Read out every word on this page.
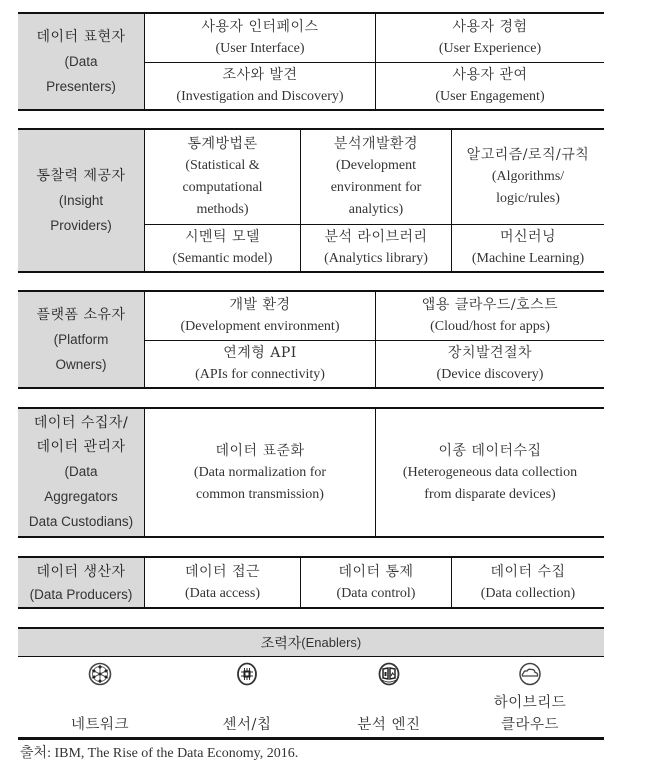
데이터 표현자
(Data
Presenters)
사용자 인터페이스
(User Interface)
사용자 경험
(User Experience)
조사와 발견
(Investigation and Discovery)
사용자 관여
(User Engagement)
통찰력 제공자
(Insight
Providers)
통계방법론
(Statistical &
computational
methods)
분석개발환경
(Development
environment for
analytics)
알고리즘/로직/규칙
(Algorithms/
logic/rules)
시멘틱 모델
(Semantic model)
분석 라이브러리
(Analytics library)
머신러닝
(Machine Learning)
플랫폼 소유자
(Platform
Owners)
개발 환경
(Development environment)
앱용 클라우드/호스트
(Cloud/host for apps)
연계형 API
(APIs for connectivity)
장치발견절차
(Device discovery)
데이터 수집자/
데이터 관리자
(Data
Aggregators
Data Custodians)
데이터 표준화
(Data normalization for
common transmission)
이종 데이터수집
(Heterogeneous data collection
from disparate devices)
데이터 생산자
(Data Producers)
데이터 접근
(Data access)
데이터 통제
(Data control)
데이터 수집
(Data collection)
조력자 (Enablers)
네트워크	센서/칩	분석 엔진
하이브리드
클라우드
출처: IBM, The Rise of the Data Economy, 2016.
